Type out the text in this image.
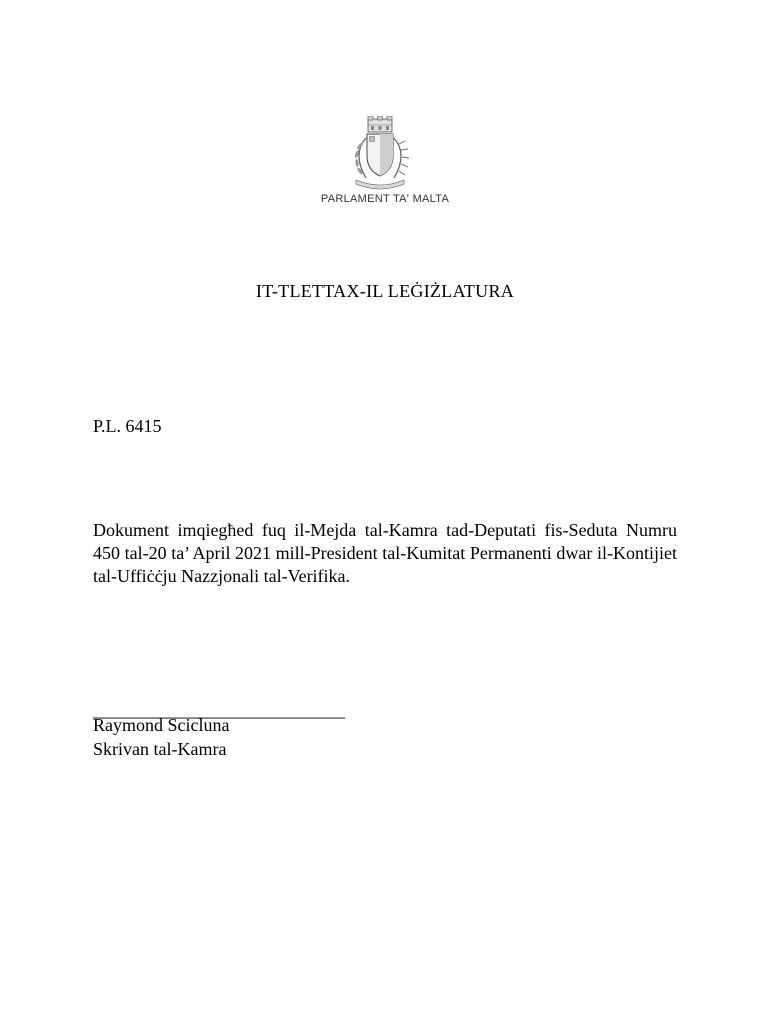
PARLAMENT TA' MALTA
IT-TLETTAX-IL LEĠIŻLATURA
P.L. 6415
Dokument imqiegħed fuq il-Mejda tal-Kamra tad-Deputati fis-Seduta Numru 450 tal-20 ta’ April 2021 mill-President tal-Kumitat Permanenti dwar il-Kontijiet tal-Uffiċċju Nazzjonali tal-Verifika.
____________________________
Raymond Scicluna
Skrivan tal-Kamra
